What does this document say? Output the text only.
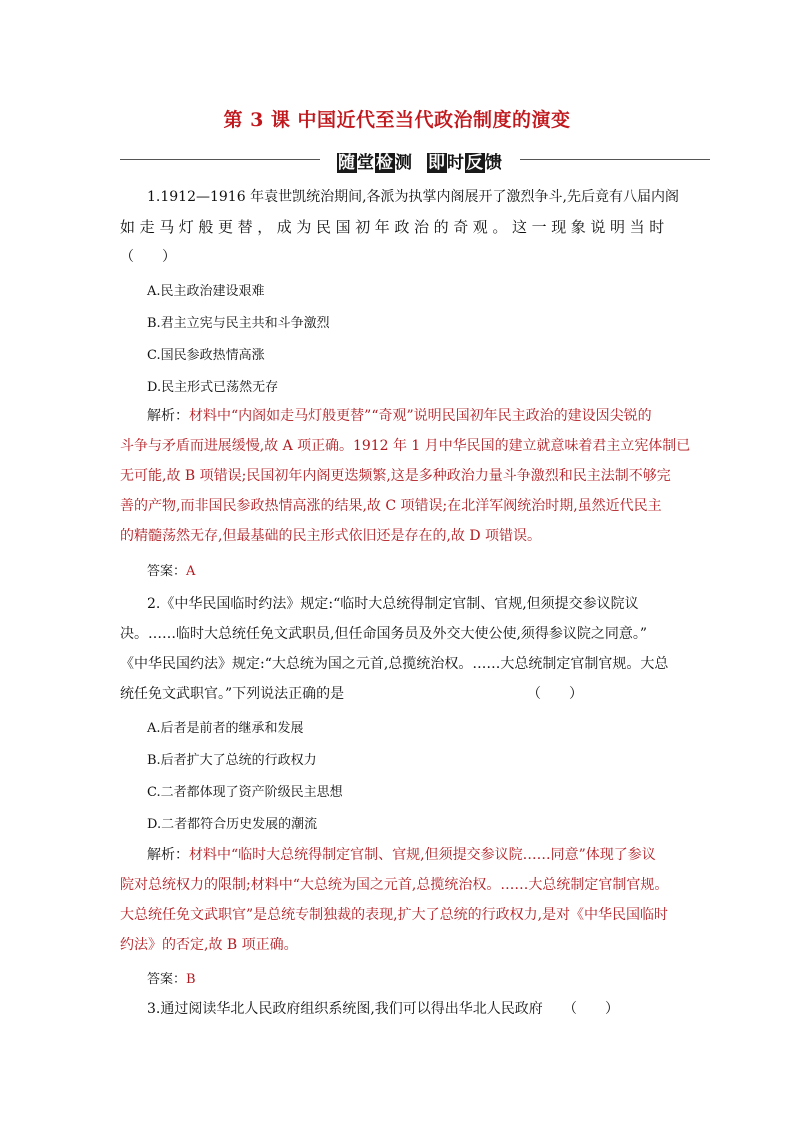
第 3 课 中国近代至当代政治制度的演变
随堂检测 即时反馈
1.1912—1916 年袁世凯统治期间,各派为执掌内阁展开了激烈争斗,先后竟有八届内阁
如走马灯般更替，成为民国初年政治的奇观。这一现象说明当时
（　　）
A.民主政治建设艰难
B.君主立宪与民主共和斗争激烈
C.国民参政热情高涨
D.民主形式已荡然无存
解析： 材料中“内阁如走马灯般更替”“奇观”说明民国初年民主政治的建设因尖锐的
斗争与矛盾而进展缓慢,故 A 项正确。1912 年 1 月中华民国的建立就意味着君主立宪体制已
无可能,故 B 项错误;民国初年内阁更迭频繁,这是多种政治力量斗争激烈和民主法制不够完
善的产物,而非国民参政热情高涨的结果,故 C 项错误;在北洋军阀统治时期,虽然近代民主
的精髓荡然无存,但最基础的民主形式依旧还是存在的,故 D 项错误。
答案：A
2.《中华民国临时约法》规定:“临时大总统得制定官制、官规,但须提交参议院议
决。……临时大总统任免文武职员,但任命国务员及外交大使公使,须得参议院之同意。”
《中华民国约法》规定:“大总统为国之元首,总揽统治权。……大总统制定官制官规。大总
统任免文武职官。”下列说法正确的是	（　　）
A.后者是前者的继承和发展
B.后者扩大了总统的行政权力
C.二者都体现了资产阶级民主思想
D.二者都符合历史发展的潮流
解析： 材料中“临时大总统得制定官制、官规,但须提交参议院……同意”体现了参议
院对总统权力的限制;材料中“大总统为国之元首,总揽统治权。……大总统制定官制官规。
大总统任免文武职官”是总统专制独裁的表现,扩大了总统的行政权力,是对《中华民国临时
约法》的否定,故 B 项正确。
答案：B
3.通过阅读华北人民政府组织系统图,我们可以得出华北人民政府 （　　）
